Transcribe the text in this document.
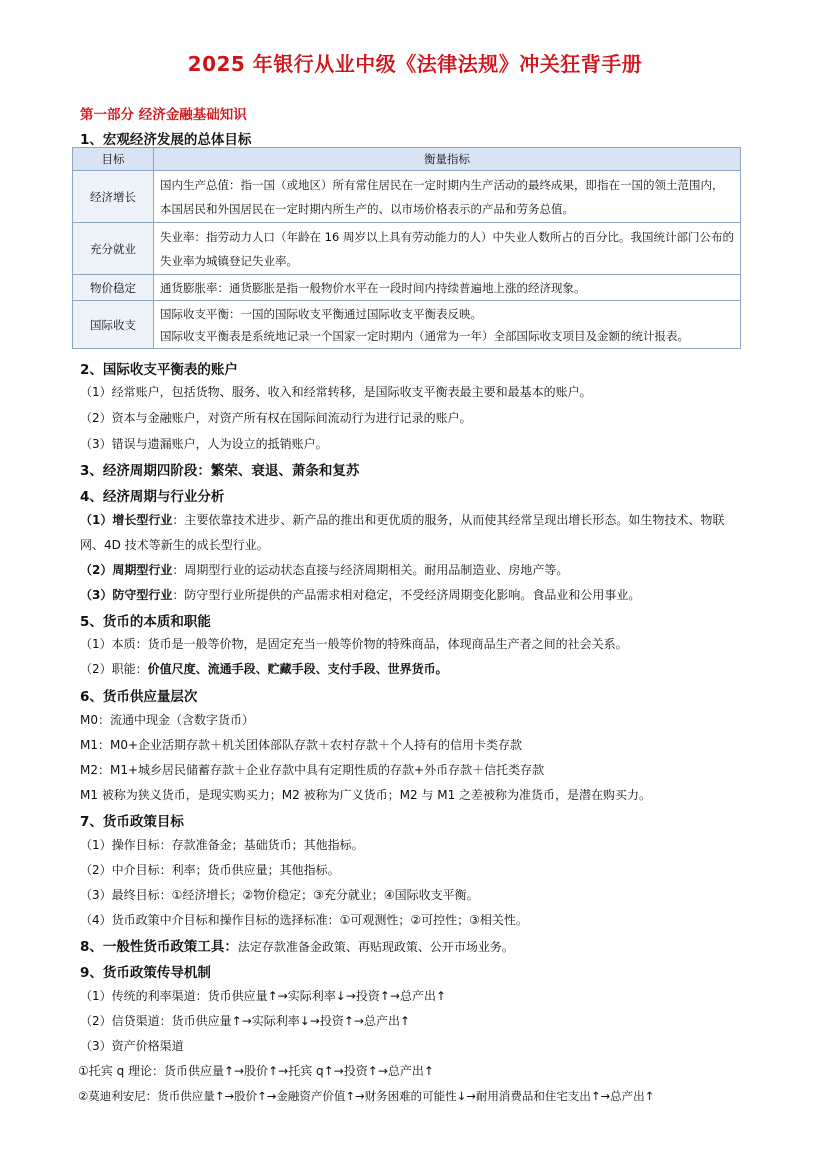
2025 年银行从业中级《法律法规》冲关狂背手册
第一部分 经济金融基础知识
1、宏观经济发展的总体目标
目标	衡量指标
经济增长	国内生产总值：指一国（或地区）所有常住居民在一定时期内生产活动的最终成果，即指在一国的领土范围内，本国居民和外国居民在一定时期内所生产的、以市场价格表示的产品和劳务总值。
充分就业	失业率：指劳动力人口（年龄在 16 周岁以上具有劳动能力的人）中失业人数所占的百分比。我国统计部门公布的失业率为城镇登记失业率。
物价稳定	通货膨胀率：通货膨胀是指一般物价水平在一段时间内持续普遍地上涨的经济现象。
国际收支	国际收支平衡：一国的国际收支平衡通过国际收支平衡表反映。
国际收支平衡表是系统地记录一个国家一定时期内（通常为一年）全部国际收支项目及金额的统计报表。
2、国际收支平衡表的账户
（1）经常账户，包括货物、服务、收入和经常转移，是国际收支平衡表最主要和最基本的账户。
（2）资本与金融账户，对资产所有权在国际间流动行为进行记录的账户。
（3）错误与遗漏账户，人为设立的抵销账户。
3、经济周期四阶段：繁荣、衰退、萧条和复苏
4、经济周期与行业分析
（1）增长型行业：主要依靠技术进步、新产品的推出和更优质的服务，从而使其经常呈现出增长形态。如生物技术、物联
网、4D 技术等新生的成长型行业。
（2）周期型行业：周期型行业的运动状态直接与经济周期相关。耐用品制造业、房地产等。
（3）防守型行业：防守型行业所提供的产品需求相对稳定，不受经济周期变化影响。食品业和公用事业。
5、货币的本质和职能
（1）本质：货币是一般等价物，是固定充当一般等价物的特殊商品，体现商品生产者之间的社会关系。
（2）职能：价值尺度、流通手段、贮藏手段、支付手段、世界货币。
6、货币供应量层次
M0：流通中现金（含数字货币）
M1：M0+企业活期存款＋机关团体部队存款＋农村存款＋个人持有的信用卡类存款
M2：M1+城乡居民储蓄存款＋企业存款中具有定期性质的存款+外币存款＋信托类存款
M1 被称为狭义货币，是现实购买力；M2 被称为广义货币；M2 与 M1 之差被称为准货币，是潜在购买力。
7、货币政策目标
（1）操作目标：存款准备金；基础货币；其他指标。
（2）中介目标：利率；货币供应量；其他指标。
（3）最终目标：①经济增长；②物价稳定；③充分就业；④国际收支平衡。
（4）货币政策中介目标和操作目标的选择标准：①可观测性；②可控性；③相关性。
8、一般性货币政策工具：法定存款准备金政策、再贴现政策、公开市场业务。
9、货币政策传导机制
（1）传统的利率渠道：货币供应量↑→实际利率↓→投资↑→总产出↑
（2）信贷渠道：货币供应量↑→实际利率↓→投资↑→总产出↑
（3）资产价格渠道
①托宾 q 理论：货币供应量↑→股价↑→托宾 q↑→投资↑→总产出↑
②莫迪利安尼：货币供应量↑→股价↑→金融资产价值↑→财务困难的可能性↓→耐用消费品和住宅支出↑→总产出↑
